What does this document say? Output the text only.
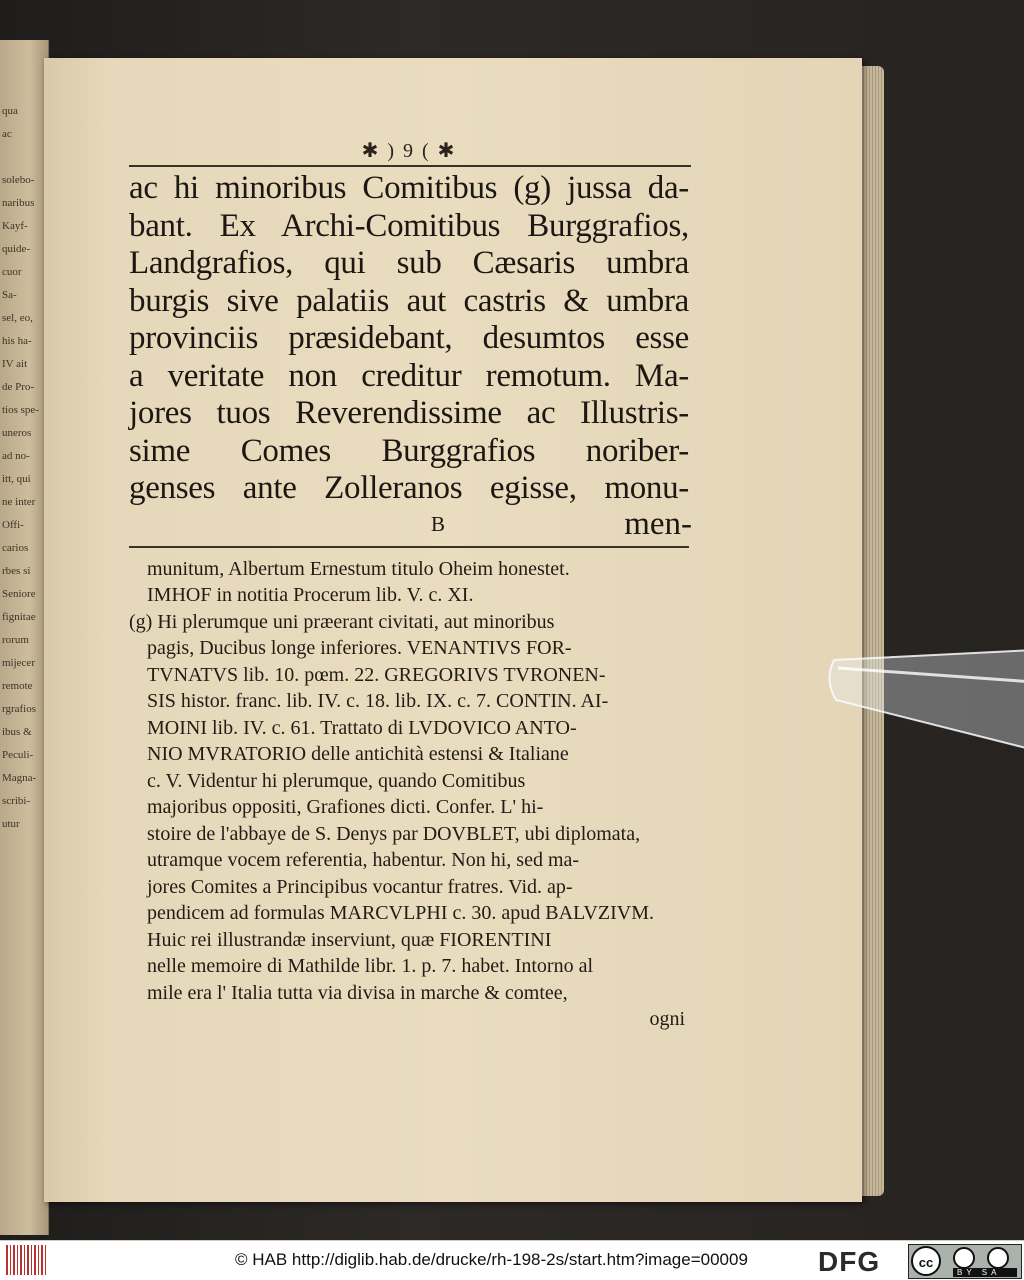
qua
ac

solebo-
naribus
Kayf-
quide-
cuor
Sa-
sel, eo,
his ha-
IV ait
de Pro-
tios spe-
uneros
ad no-
itt, qui
ne inter
Offi-
carios
rbes si
Seniore
fignitae
rorum
mijecer
remote
rgrafios
ibus &
Peculi-
Magna-
scribi-
utur
✱ ) 9 ( ✱
ac hi minoribus Comitibus (g) jussa da-
bant. Ex Archi-Comitibus Burggrafios,
Landgrafios, qui sub Cæsaris umbra
burgis sive palatiis aut castris & umbra
provinciis præsidebant, desumtos esse
a veritate non creditur remotum. Ma-
jores tuos Reverendissime ac Illustris-
sime Comes Burggrafios noriber-
genses ante Zolleranos egisse, monu-
B	men-
munitum, Albertum Ernestum titulo Oheim honestet.
IMHOF in notitia Procerum lib. V. c. XI.
(g) Hi plerumque uni præerant civitati, aut minoribus
pagis, Ducibus longe inferiores. VENANTIVS FOR-
TVNATVS lib. 10. pœm. 22. GREGORIVS TVRONEN-
SIS histor. franc. lib. IV. c. 18. lib. IX. c. 7. CONTIN. AI-
MOINI lib. IV. c. 61. Trattato di LVDOVICO ANTO-
NIO MVRATORIO delle antichità estensi & Italiane
c. V. Videntur hi plerumque, quando Comitibus
majoribus oppositi, Grafiones dicti. Confer. L' hi-
stoire de l'abbaye de S. Denys par DOVBLET, ubi diplomata,
utramque vocem referentia, habentur. Non hi, sed ma-
jores Comites a Principibus vocantur fratres. Vid. ap-
pendicem ad formulas MARCVLPHI c. 30. apud BALVZIVM.
Huic rei illustrandæ inserviunt, quæ FIORENTINI
nelle memoire di Mathilde libr. 1. p. 7. habet. Intorno al
mile era l' Italia tutta via divisa in marche & comtee,
ogni
© HAB http://diglib.hab.de/drucke/rh-198-2s/start.htm?image=00009	DFG	cc
BY SA
